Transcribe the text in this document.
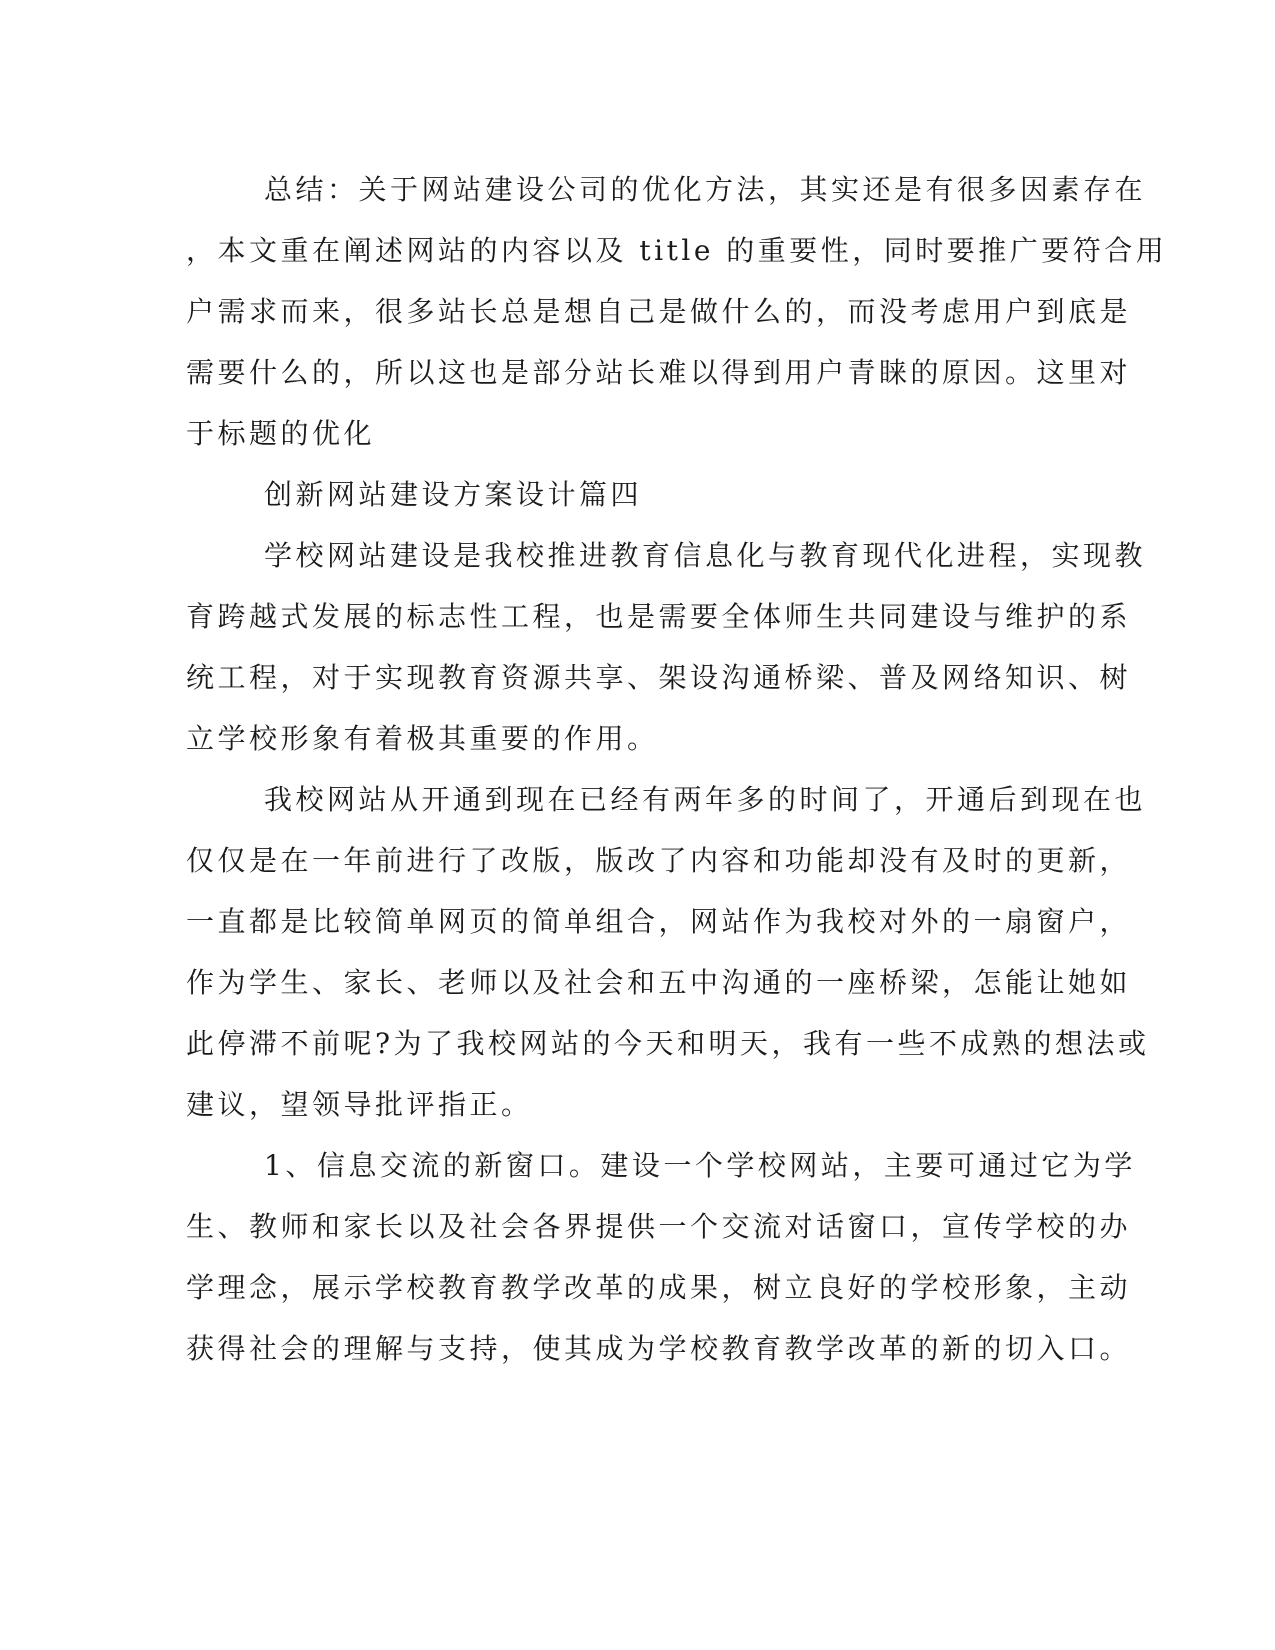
总结：关于网站建设公司的优化方法，其实还是有很多因素存在
，本文重在阐述网站的内容以及 title 的重要性，同时要推广要符合用
户需求而来，很多站长总是想自己是做什么的，而没考虑用户到底是
需要什么的，所以这也是部分站长难以得到用户青睐的原因。这里对
于标题的优化
创新网站建设方案设计篇四
学校网站建设是我校推进教育信息化与教育现代化进程，实现教
育跨越式发展的标志性工程，也是需要全体师生共同建设与维护的系
统工程，对于实现教育资源共享、架设沟通桥梁、普及网络知识、树
立学校形象有着极其重要的作用。
我校网站从开通到现在已经有两年多的时间了，开通后到现在也
仅仅是在一年前进行了改版，版改了内容和功能却没有及时的更新，
一直都是比较简单网页的简单组合，网站作为我校对外的一扇窗户，
作为学生、家长、老师以及社会和五中沟通的一座桥梁，怎能让她如
此停滞不前呢?为了我校网站的今天和明天，我有一些不成熟的想法或
建议，望领导批评指正。
1、信息交流的新窗口。建设一个学校网站，主要可通过它为学
生、教师和家长以及社会各界提供一个交流对话窗口，宣传学校的办
学理念，展示学校教育教学改革的成果，树立良好的学校形象，主动
获得社会的理解与支持，使其成为学校教育教学改革的新的切入口。
